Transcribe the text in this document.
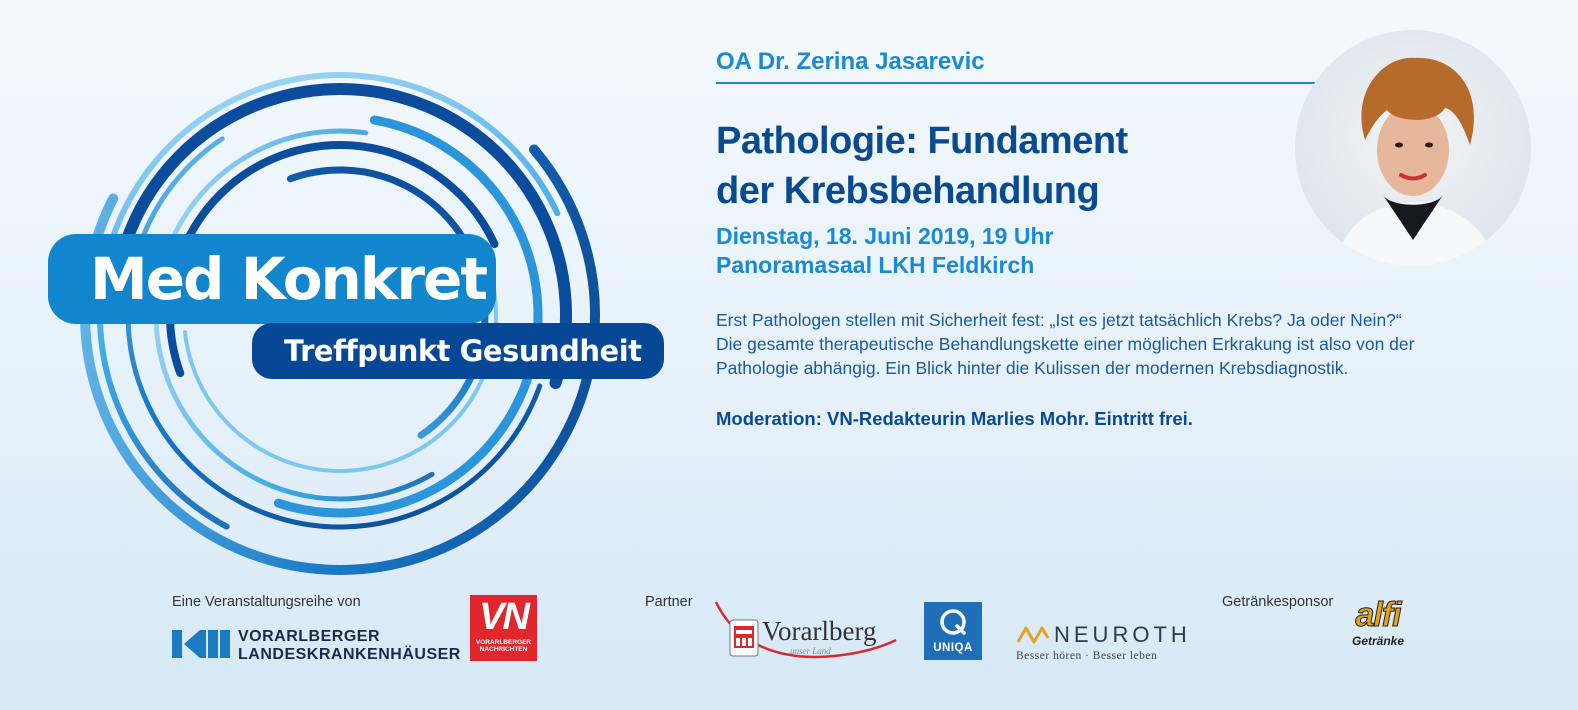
Med Konkret
Treffpunkt Gesundheit
OA Dr. Zerina Jasarevic
Pathologie: Fundament
der Krebsbehandlung
Dienstag, 18. Juni 2019, 19 Uhr
Panoramasaal LKH Feldkirch
Erst Pathologen stellen mit Sicherheit fest: „Ist es jetzt tatsächlich Krebs? Ja oder Nein?“
Die gesamte therapeutische Behandlungskette einer möglichen Erkrakung ist also von der
Pathologie abhängig. Ein Blick hinter die Kulissen der modernen Krebsdiagnostik.
Moderation: VN-Redakteurin Marlies Mohr. Eintritt frei.
Eine Veranstaltungsreihe von
VORARLBERGER
LANDESKRANKENHÄUSER
VN
VORARLBERGER
NACHRICHTEN
Partner
Vorarlberg
unser Land	UNIQA
NEUROTH
Besser hören · Besser leben
Getränkesponsor alfi
Getränke
